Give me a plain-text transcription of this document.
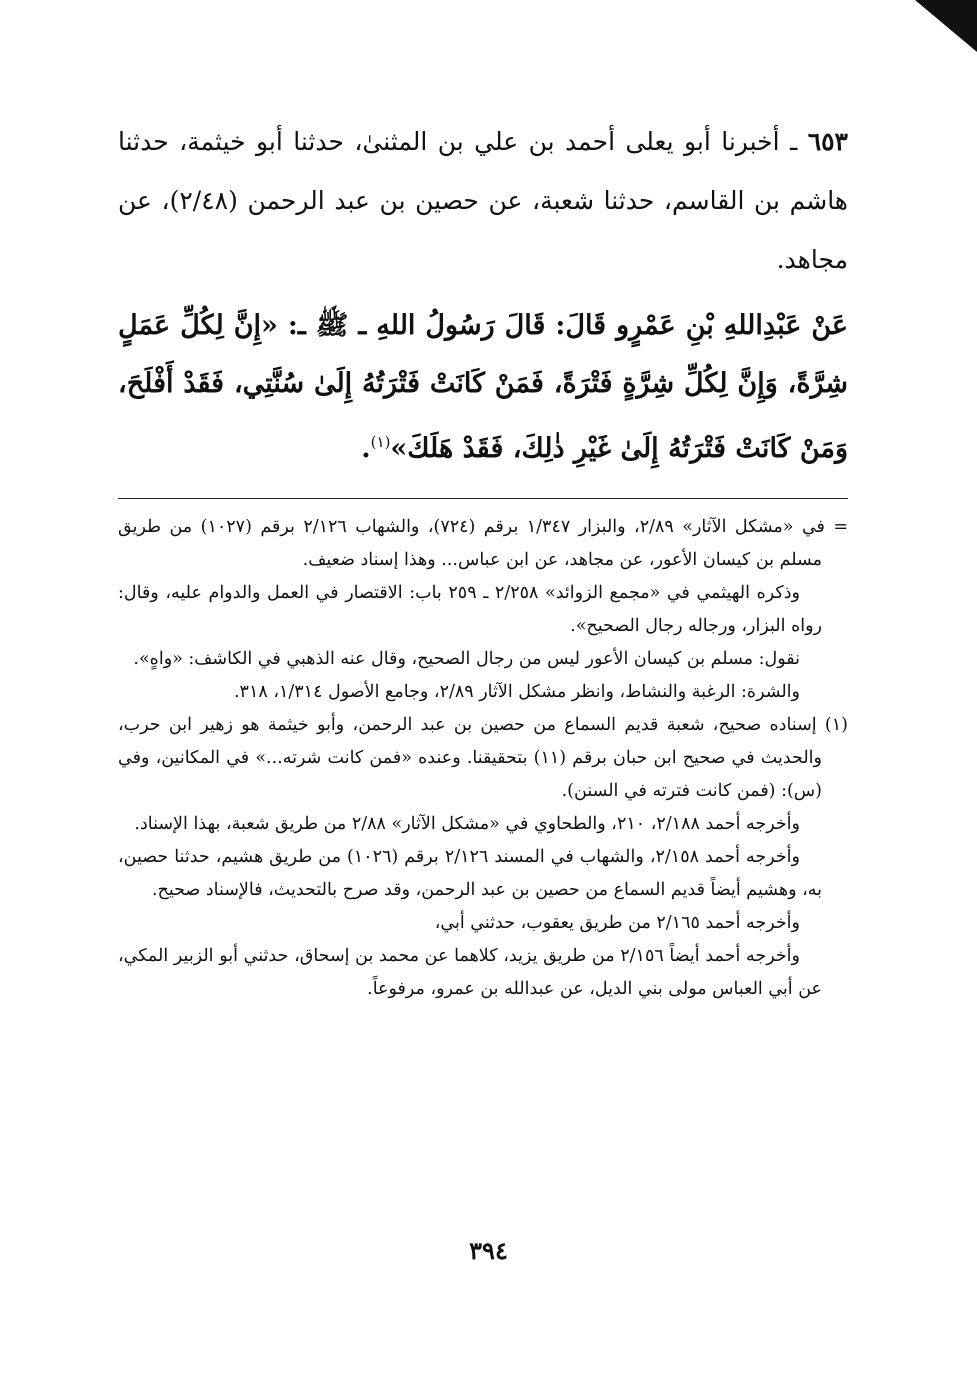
٦٥٣ ـ أخبرنا أبو يعلى أحمد بن علي بن المثنىٰ، حدثنا أبو خيثمة، حدثنا هاشم بن القاسم، حدثنا شعبة، عن حصين بن عبد الرحمن (٢/٤٨)، عن مجاهد.

عَنْ عَبْدِاللهِ بْنِ عَمْرٍو قَالَ: قَالَ رَسُولُ اللهِ ـ ﷺ ـ: «إِنَّ لِكُلِّ عَمَلٍ شِرَّةً، وَإِنَّ لِكُلِّ شِرَّةٍ فَتْرَةً، فَمَنْ كَانَتْ فَتْرَتُهُ إِلَىٰ سُنَّتِي، فَقَدْ أَفْلَحَ، وَمَنْ كَانَتْ فَتْرَتُهُ إِلَىٰ غَيْرِ ذٰلِكَ، فَقَدْ هَلَكَ»$^{(١)}$.

= في «مشكل الآثار» ٢/٨٩، والبزار ١/٣٤٧ برقم (٧٢٤)، والشهاب ٢/١٢٦ برقم (١٠٢٧) من طريق مسلم بن كيسان الأعور، عن مجاهد، عن ابن عباس... وهذا إسناد ضعيف.

وذكره الهيثمي في «مجمع الزوائد» ٢/٢٥٨ ـ ٢٥٩ باب: الاقتصار في العمل والدوام عليه، وقال: رواه البزار، ورجاله رجال الصحيح».

نقول: مسلم بن كيسان الأعور ليس من رجال الصحيح، وقال عنه الذهبي في الكاشف: «واهٍ».

والشرة: الرغبة والنشاط، وانظر مشكل الآثار ٢/٨٩، وجامع الأصول ١/٣١٤، ٣١٨.

(١) إسناده صحيح، شعبة قديم السماع من حصين بن عبد الرحمن، وأبو خيثمة هو زهير ابن حرب، والحديث في صحيح ابن حبان برقم (١١) بتحقيقنا. وعنده «فمن كانت شرته...» في المكانين، وفي (س): (فمن كانت فترته في السنن).

وأخرجه أحمد ٢/١٨٨، ٢١٠، والطحاوي في «مشكل الآثار» ٢/٨٨ من طريق شعبة، بهذا الإسناد.

وأخرجه أحمد ٢/١٥٨، والشهاب في المسند ٢/١٢٦ برقم (١٠٢٦) من طريق هشيم، حدثنا حصين، به، وهشيم أيضاً قديم السماع من حصين بن عبد الرحمن، وقد صرح بالتحديث، فالإسناد صحيح.

وأخرجه أحمد ٢/١٦٥ من طريق يعقوب، حدثني أبي،

وأخرجه أحمد أيضاً ٢/١٥٦ من طريق يزيد، كلاهما عن محمد بن إسحاق، حدثني أبو الزبير المكي، عن أبي العباس مولى بني الديل، عن عبدالله بن عمرو، مرفوعاً.

٣٩٤
